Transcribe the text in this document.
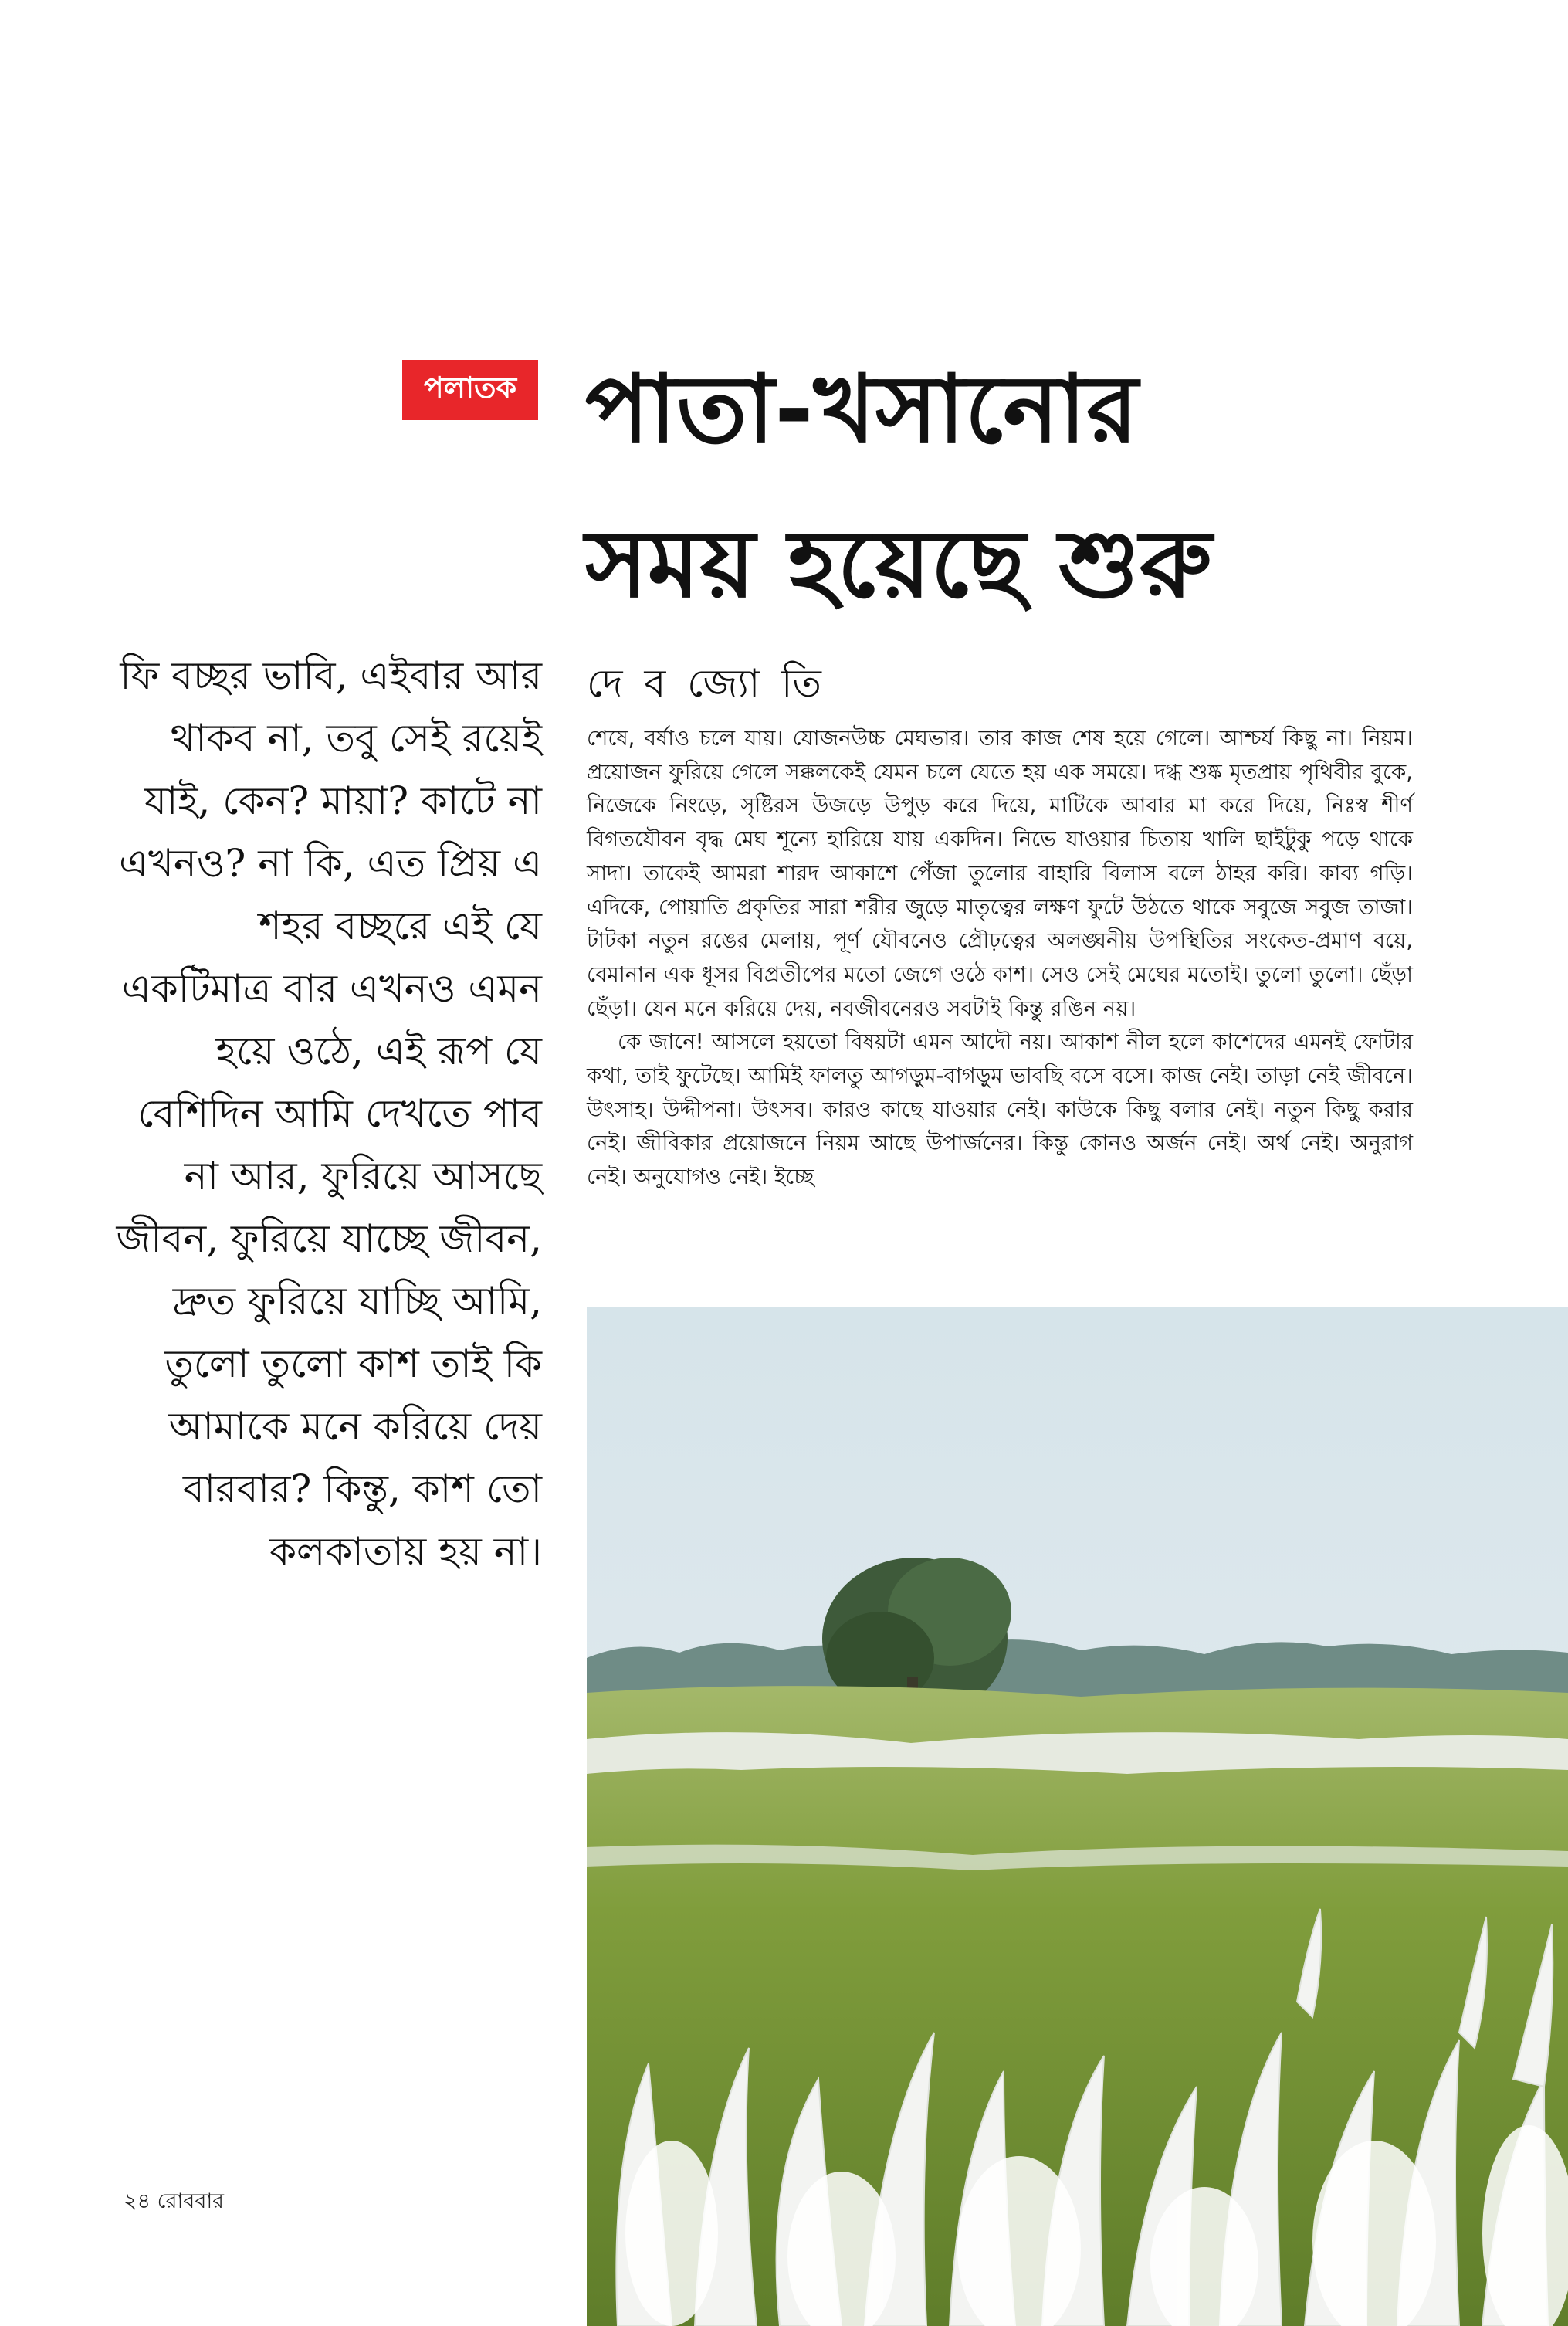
পলাতক পাতা-খসানোর
সময় হয়েছে শুরু

ফি বচ্ছর ভাবি, এইবার আর থাকব না, তবু সেই রয়েই যাই, কেন? মায়া? কাটে না এখনও? না কি, এত প্রিয় এ শহর বচ্ছরে এই যে একটিমাত্র বার এখনও এমন হয়ে ওঠে, এই রূপ যে বেশিদিন আমি দেখতে পাব না আর, ফুরিয়ে আসছে জীবন, ফুরিয়ে যাচ্ছে জীবন, দ্রুত ফুরিয়ে যাচ্ছি আমি, তুলো তুলো কাশ তাই কি আমাকে মনে করিয়ে দেয় বারবার? কিন্তু, কাশ তো কলকাতায় হয় না।

দে ব জ্যো তি

শেষে, বর্ষাও চলে যায়। যোজনউচ্চ মেঘভার। তার কাজ শেষ হয়ে গেলে। আশ্চর্য কিছু না। নিয়ম। প্রয়োজন ফুরিয়ে গেলে সক্কলকেই যেমন চলে যেতে হয় এক সময়ে। দগ্ধ শুষ্ক মৃতপ্রায় পৃথিবীর বুকে, নিজেকে নিংড়ে, সৃষ্টিরস উজড়ে উপুড় করে দিয়ে, মাটিকে আবার মা করে দিয়ে, নিঃস্ব শীর্ণ বিগতযৌবন বৃদ্ধ মেঘ শূন্যে হারিয়ে যায় একদিন। নিভে যাওয়ার চিতায় খালি ছাইটুকু পড়ে থাকে সাদা। তাকেই আমরা শারদ আকাশে পেঁজা তুলোর বাহারি বিলাস বলে ঠাহর করি। কাব্য গড়ি। এদিকে, পোয়াতি প্রকৃতির সারা শরীর জুড়ে মাতৃত্বের লক্ষণ ফুটে উঠতে থাকে সবুজে সবুজ তাজা। টাটকা নতুন রঙের মেলায়, পূর্ণ যৌবনেও প্রৌঢ়ত্বের অলঙ্ঘনীয় উপস্থিতির সংকেত-প্রমাণ বয়ে, বেমানান এক ধূসর বিপ্রতীপের মতো জেগে ওঠে কাশ। সেও সেই মেঘের মতোই। তুলো তুলো। ছেঁড়া ছেঁড়া। যেন মনে করিয়ে দেয়, নবজীবনেরও সবটাই কিন্তু রঙিন নয়।

কে জানে! আসলে হয়তো বিষয়টা এমন আদৌ নয়। আকাশ নীল হলে কাশেদের এমনই ফোটার কথা, তাই ফুটেছে। আমিই ফালতু আগড়ুম-বাগড়ুম ভাবছি বসে বসে। কাজ নেই। তাড়া নেই জীবনে। উৎসাহ। উদ্দীপনা। উৎসব। কারও কাছে যাওয়ার নেই। কাউকে কিছু বলার নেই। নতুন কিছু করার নেই। জীবিকার প্রয়োজনে নিয়ম আছে উপার্জনের। কিন্তু কোনও অর্জন নেই। অর্থ নেই। অনুরাগ নেই। অনুযোগও নেই। ইচ্ছে

২৪ রোববার
